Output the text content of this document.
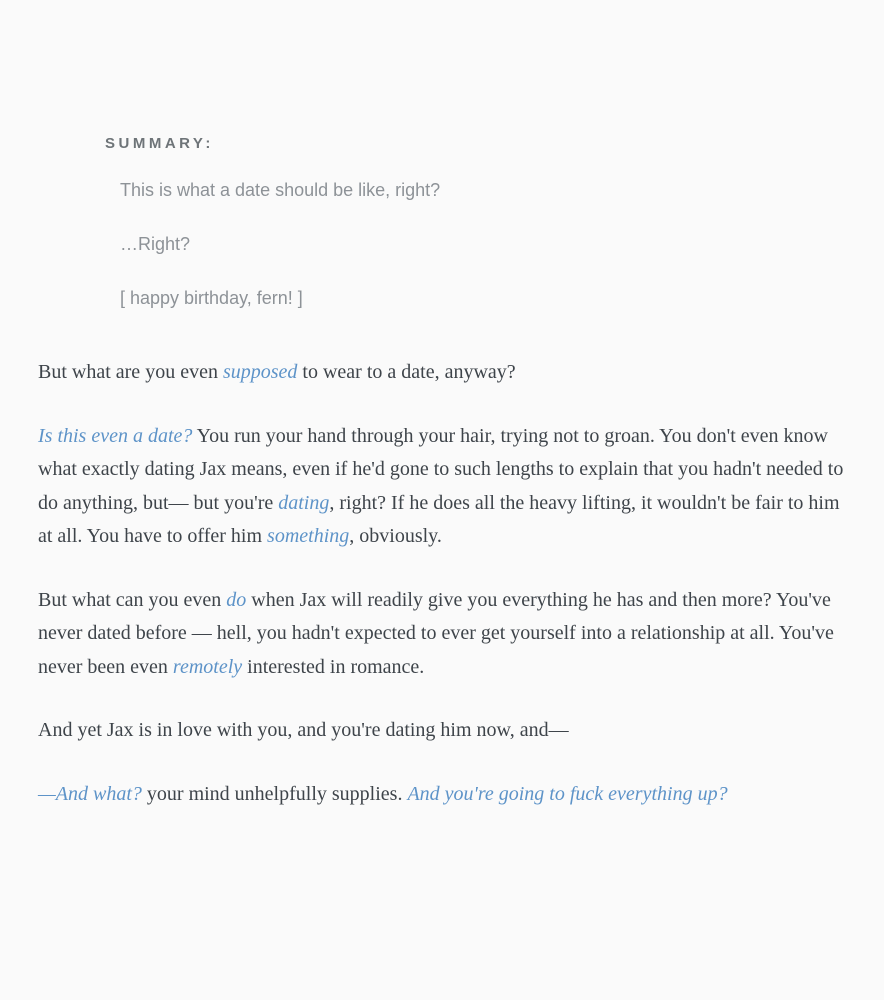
SUMMARY:

This is what a date should be like, right?

…Right?

[ happy birthday, fern! ]

But what are you even supposed to wear to a date, anyway?

Is this even a date? You run your hand through your hair, trying not to groan. You don't even know what exactly dating Jax means, even if he'd gone to such lengths to explain that you hadn't needed to do anything, but— but you're dating, right? If he does all the heavy lifting, it wouldn't be fair to him at all. You have to offer him something, obviously.

But what can you even do when Jax will readily give you everything he has and then more? You've never dated before — hell, you hadn't expected to ever get yourself into a relationship at all. You've never been even remotely interested in romance.

And yet Jax is in love with you, and you're dating him now, and—

—And what? your mind unhelpfully supplies. And you're going to fuck everything up?
